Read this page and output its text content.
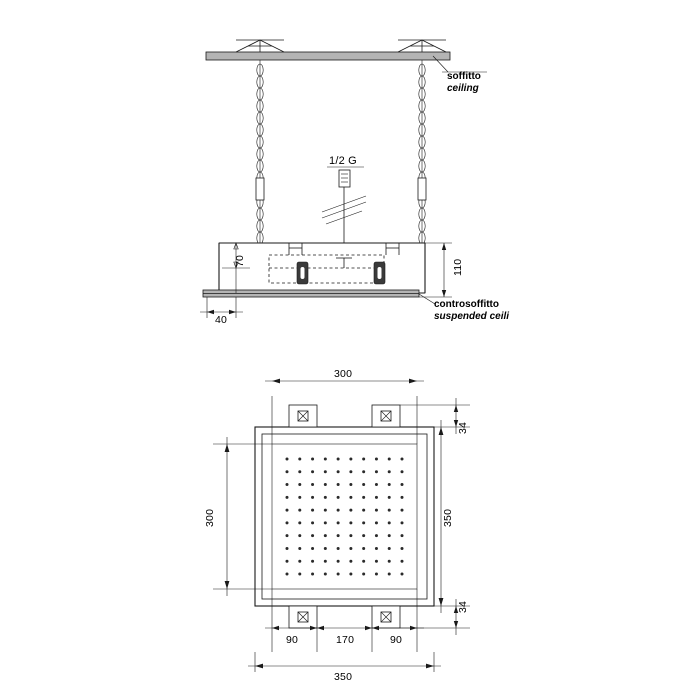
soffitto
ceiling
controsoffitto
suspended ceili
1/2 G
70
40
110
300
300
34
350
34
90	170	90
350
